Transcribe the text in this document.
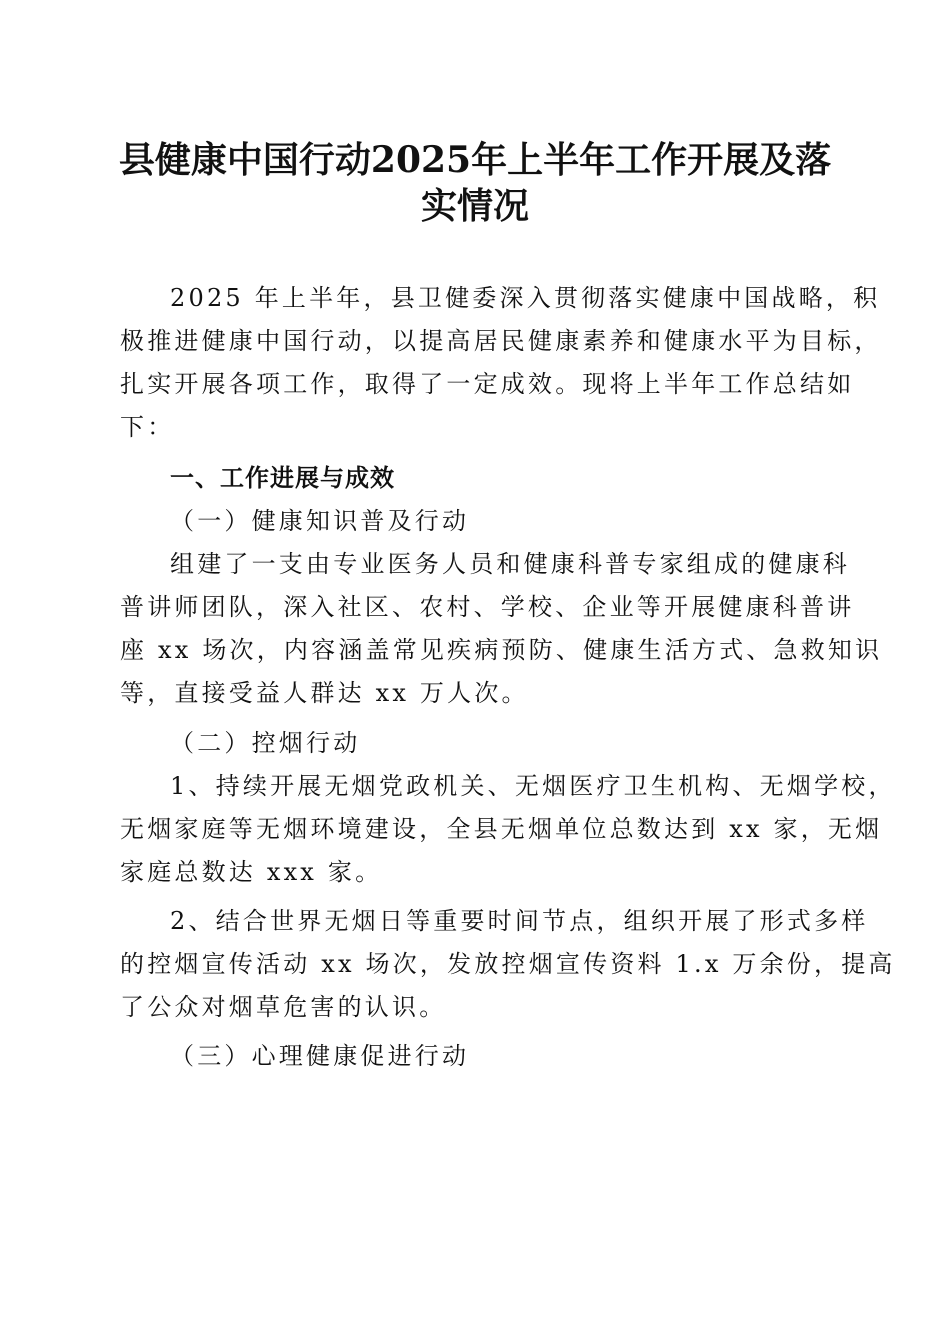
县健康中国行动2025年上半年工作开展及落
实情况
2025 年上半年，县卫健委深入贯彻落实健康中国战略，积
极推进健康中国行动，以提高居民健康素养和健康水平为目标，
扎实开展各项工作，取得了一定成效。现将上半年工作总结如
下：
一、工作进展与成效
（一）健康知识普及行动
组建了一支由专业医务人员和健康科普专家组成的健康科
普讲师团队，深入社区、农村、学校、企业等开展健康科普讲
座 xx 场次，内容涵盖常见疾病预防、健康生活方式、急救知识
等，直接受益人群达 xx 万人次。
（二）控烟行动
1、持续开展无烟党政机关、无烟医疗卫生机构、无烟学校，
无烟家庭等无烟环境建设，全县无烟单位总数达到 xx 家，无烟
家庭总数达 xxx 家。
2、结合世界无烟日等重要时间节点，组织开展了形式多样
的控烟宣传活动 xx 场次，发放控烟宣传资料 1.x 万余份，提高
了公众对烟草危害的认识。
（三）心理健康促进行动
